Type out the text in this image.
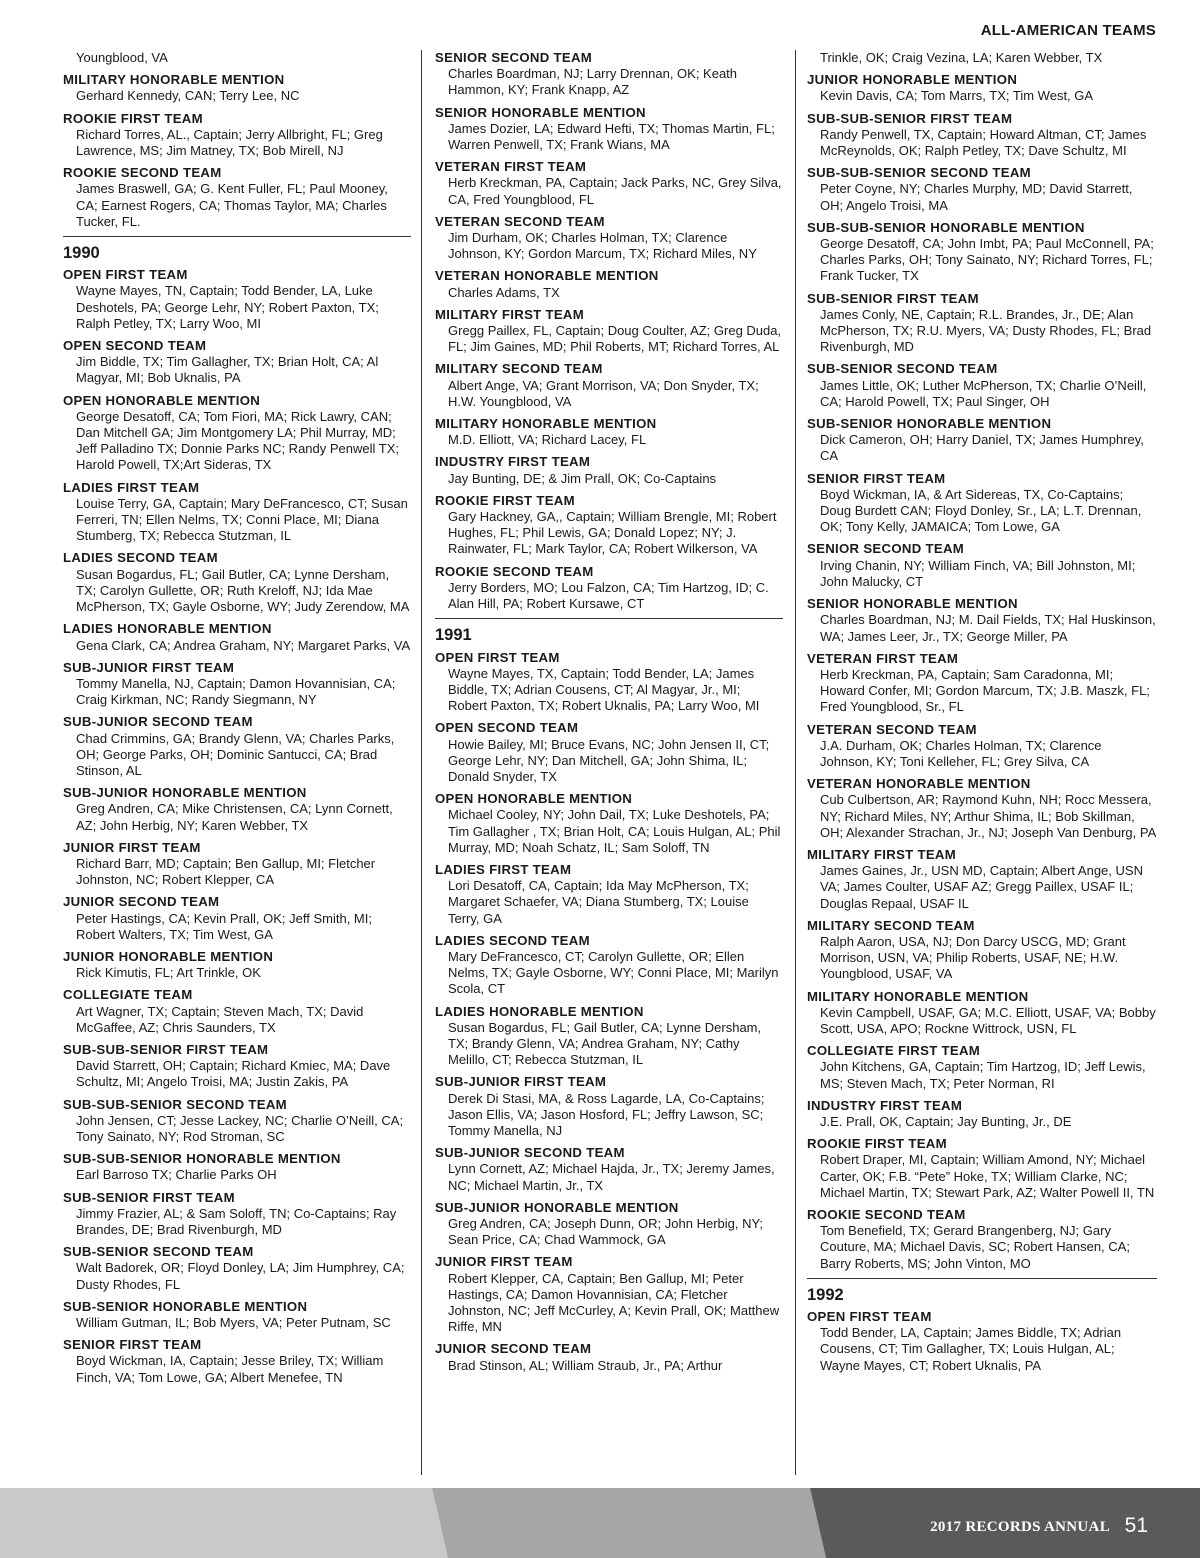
ALL-AMERICAN TEAMS
Youngblood, VA
MILITARY HONORABLE MENTION
Gerhard Kennedy, CAN; Terry Lee, NC
ROOKIE FIRST TEAM
Richard Torres, AL., Captain; Jerry Allbright, FL; Greg Lawrence, MS; Jim Matney, TX; Bob Mirell, NJ
ROOKIE SECOND TEAM
James Braswell, GA; G. Kent Fuller, FL; Paul Mooney, CA; Earnest Rogers, CA; Thomas Taylor, MA; Charles Tucker, FL.
1990
OPEN FIRST TEAM
Wayne Mayes, TN, Captain; Todd Bender, LA, Luke Deshotels, PA; George Lehr, NY; Robert Paxton, TX; Ralph Petley, TX; Larry Woo, MI
OPEN SECOND TEAM
Jim Biddle, TX; Tim Gallagher, TX; Brian Holt, CA; Al Magyar, MI; Bob Uknalis, PA
OPEN HONORABLE MENTION
George Desatoff, CA; Tom Fiori, MA; Rick Lawry, CAN; Dan Mitchell GA; Jim Montgomery LA; Phil Murray, MD; Jeff Palladino TX; Donnie Parks NC; Randy Penwell TX; Harold Powell, TX;Art Sideras, TX
LADIES FIRST TEAM
Louise Terry, GA, Captain; Mary DeFrancesco, CT; Susan Ferreri, TN; Ellen Nelms, TX; Conni Place, MI; Diana Stumberg, TX; Rebecca Stutzman, IL
LADIES SECOND TEAM
Susan Bogardus, FL; Gail Butler, CA; Lynne Dersham, TX; Carolyn Gullette, OR; Ruth Kreloff, NJ; Ida Mae McPherson, TX; Gayle Osborne, WY; Judy Zerendow, MA
LADIES HONORABLE MENTION
Gena Clark, CA; Andrea Graham, NY; Margaret Parks, VA
SUB-JUNIOR FIRST TEAM
Tommy Manella, NJ, Captain; Damon Hovannisian, CA; Craig Kirkman, NC; Randy Siegmann, NY
SUB-JUNIOR SECOND TEAM
Chad Crimmins, GA; Brandy Glenn, VA; Charles Parks, OH; George Parks, OH; Dominic Santucci, CA; Brad Stinson, AL
SUB-JUNIOR HONORABLE MENTION
Greg Andren, CA; Mike Christensen, CA; Lynn Cornett, AZ; John Herbig, NY; Karen Webber, TX
JUNIOR FIRST TEAM
Richard Barr, MD; Captain; Ben Gallup, MI; Fletcher Johnston, NC; Robert Klepper, CA
JUNIOR SECOND TEAM
Peter Hastings, CA; Kevin Prall, OK; Jeff Smith, MI; Robert Walters, TX; Tim West, GA
JUNIOR HONORABLE MENTION
Rick Kimutis, FL; Art Trinkle, OK
COLLEGIATE TEAM
Art Wagner, TX; Captain; Steven Mach, TX; David McGaffee, AZ; Chris Saunders, TX
SUB-SUB-SENIOR FIRST TEAM
David Starrett, OH; Captain; Richard Kmiec, MA; Dave Schultz, MI; Angelo Troisi, MA; Justin Zakis, PA
SUB-SUB-SENIOR SECOND TEAM
John Jensen, CT; Jesse Lackey, NC; Charlie O’Neill, CA; Tony Sainato, NY; Rod Stroman, SC
SUB-SUB-SENIOR HONORABLE MENTION
Earl Barroso TX; Charlie Parks OH
SUB-SENIOR FIRST TEAM
Jimmy Frazier, AL; & Sam Soloff, TN; Co-Captains; Ray Brandes, DE; Brad Rivenburgh, MD
SUB-SENIOR SECOND TEAM
Walt Badorek, OR; Floyd Donley, LA; Jim Humphrey, CA; Dusty Rhodes, FL
SUB-SENIOR HONORABLE MENTION
William Gutman, IL; Bob Myers, VA; Peter Putnam, SC
SENIOR FIRST TEAM
Boyd Wickman, IA, Captain; Jesse Briley, TX; William Finch, VA; Tom Lowe, GA; Albert Menefee, TN
SENIOR SECOND TEAM
Charles Boardman, NJ; Larry Drennan, OK; Keath Hammon, KY; Frank Knapp, AZ
SENIOR HONORABLE MENTION
James Dozier, LA; Edward Hefti, TX; Thomas Martin, FL; Warren Penwell, TX; Frank Wians, MA
VETERAN FIRST TEAM
Herb Kreckman, PA, Captain; Jack Parks, NC, Grey Silva, CA, Fred Youngblood, FL
VETERAN SECOND TEAM
Jim Durham, OK; Charles Holman, TX; Clarence Johnson, KY; Gordon Marcum, TX; Richard Miles, NY
VETERAN HONORABLE MENTION
Charles Adams, TX
MILITARY FIRST TEAM
Gregg Paillex, FL, Captain; Doug Coulter, AZ; Greg Duda, FL; Jim Gaines, MD; Phil Roberts, MT; Richard Torres, AL
MILITARY SECOND TEAM
Albert Ange, VA; Grant Morrison, VA; Don Snyder, TX; H.W. Youngblood, VA
MILITARY HONORABLE MENTION
M.D. Elliott, VA; Richard Lacey, FL
INDUSTRY FIRST TEAM
Jay Bunting, DE; & Jim Prall, OK; Co-Captains
ROOKIE FIRST TEAM
Gary Hackney, GA,, Captain; William Brengle, MI; Robert Hughes, FL; Phil Lewis, GA; Donald Lopez; NY; J. Rainwater, FL; Mark Taylor, CA; Robert Wilkerson, VA
ROOKIE SECOND TEAM
Jerry Borders, MO; Lou Falzon, CA; Tim Hartzog, ID; C. Alan Hill, PA; Robert Kursawe, CT
1991
OPEN FIRST TEAM
Wayne Mayes, TX, Captain; Todd Bender, LA; James Biddle, TX; Adrian Cousens, CT; Al Magyar, Jr., MI; Robert Paxton, TX; Robert Uknalis, PA; Larry Woo, MI
OPEN SECOND TEAM
Howie Bailey, MI; Bruce Evans, NC; John Jensen II, CT; George Lehr, NY; Dan Mitchell, GA; John Shima, IL; Donald Snyder, TX
OPEN HONORABLE MENTION
Michael Cooley, NY; John Dail, TX; Luke Deshotels, PA; Tim Gallagher , TX; Brian Holt, CA; Louis Hulgan, AL; Phil Murray, MD; Noah Schatz, IL; Sam Soloff, TN
LADIES FIRST TEAM
Lori Desatoff, CA, Captain; Ida May McPherson, TX; Margaret Schaefer, VA; Diana Stumberg, TX; Louise Terry, GA
LADIES SECOND TEAM
Mary DeFrancesco, CT; Carolyn Gullette, OR; Ellen Nelms, TX; Gayle Osborne, WY; Conni Place, MI; Marilyn Scola, CT
LADIES HONORABLE MENTION
Susan Bogardus, FL; Gail Butler, CA; Lynne Dersham, TX; Brandy Glenn, VA; Andrea Graham, NY; Cathy Melillo, CT; Rebecca Stutzman, IL
SUB-JUNIOR FIRST TEAM
Derek Di Stasi, MA, & Ross Lagarde, LA, Co-Captains; Jason Ellis, VA; Jason Hosford, FL; Jeffry Lawson, SC; Tommy Manella, NJ
SUB-JUNIOR SECOND TEAM
Lynn Cornett, AZ; Michael Hajda, Jr., TX; Jeremy James, NC; Michael Martin, Jr., TX
SUB-JUNIOR HONORABLE MENTION
Greg Andren, CA; Joseph Dunn, OR; John Herbig, NY; Sean Price, CA; Chad Wammock, GA
JUNIOR FIRST TEAM
Robert Klepper, CA, Captain; Ben Gallup, MI; Peter Hastings, CA; Damon Hovannisian, CA; Fletcher Johnston, NC; Jeff McCurley, A; Kevin Prall, OK; Matthew Riffe, MN
JUNIOR SECOND TEAM
Brad Stinson, AL; William Straub, Jr., PA; Arthur
Trinkle, OK; Craig Vezina, LA; Karen Webber, TX
JUNIOR HONORABLE MENTION
Kevin Davis, CA; Tom Marrs, TX; Tim West, GA
SUB-SUB-SENIOR FIRST TEAM
Randy Penwell, TX, Captain; Howard Altman, CT; James McReynolds, OK; Ralph Petley, TX; Dave Schultz, MI
SUB-SUB-SENIOR SECOND TEAM
Peter Coyne, NY; Charles Murphy, MD; David Starrett, OH; Angelo Troisi, MA
SUB-SUB-SENIOR HONORABLE MENTION
George Desatoff, CA; John Imbt, PA; Paul McConnell, PA; Charles Parks, OH; Tony Sainato, NY; Richard Torres, FL; Frank Tucker, TX
SUB-SENIOR FIRST TEAM
James Conly, NE, Captain; R.L. Brandes, Jr., DE; Alan McPherson, TX; R.U. Myers, VA; Dusty Rhodes, FL; Brad Rivenburgh, MD
SUB-SENIOR SECOND TEAM
James Little, OK; Luther McPherson, TX; Charlie O’Neill, CA; Harold Powell, TX; Paul Singer, OH
SUB-SENIOR HONORABLE MENTION
Dick Cameron, OH; Harry Daniel, TX; James Humphrey, CA
SENIOR FIRST TEAM
Boyd Wickman, IA, & Art Sidereas, TX, Co-Captains; Doug Burdett CAN; Floyd Donley, Sr., LA; L.T. Drennan, OK; Tony Kelly, JAMAICA; Tom Lowe, GA
SENIOR SECOND TEAM
Irving Chanin, NY; William Finch, VA; Bill Johnston, MI; John Malucky, CT
SENIOR HONORABLE MENTION
Charles Boardman, NJ; M. Dail Fields, TX; Hal Huskinson, WA; James Leer, Jr., TX; George Miller, PA
VETERAN FIRST TEAM
Herb Kreckman, PA, Captain; Sam Caradonna, MI; Howard Confer, MI; Gordon Marcum, TX; J.B. Maszk, FL; Fred Youngblood, Sr., FL
VETERAN SECOND TEAM
J.A. Durham, OK; Charles Holman, TX; Clarence Johnson, KY; Toni Kelleher, FL; Grey Silva, CA
VETERAN HONORABLE MENTION
Cub Culbertson, AR; Raymond Kuhn, NH; Rocc Messera, NY; Richard Miles, NY; Arthur Shima, IL; Bob Skillman, OH; Alexander Strachan, Jr., NJ; Joseph Van Denburg, PA
MILITARY FIRST TEAM
James Gaines, Jr., USN MD, Captain; Albert Ange, USN VA; James Coulter, USAF AZ; Gregg Paillex, USAF IL; Douglas Repaal, USAF IL
MILITARY SECOND TEAM
Ralph Aaron, USA, NJ; Don Darcy USCG, MD; Grant Morrison, USN, VA; Philip Roberts, USAF, NE; H.W. Youngblood, USAF, VA
MILITARY HONORABLE MENTION
Kevin Campbell, USAF, GA; M.C. Elliott, USAF, VA; Bobby Scott, USA, APO; Rockne Wittrock, USN, FL
COLLEGIATE FIRST TEAM
John Kitchens, GA, Captain; Tim Hartzog, ID; Jeff Lewis, MS; Steven Mach, TX; Peter Norman, RI
INDUSTRY FIRST TEAM
J.E. Prall, OK, Captain; Jay Bunting, Jr., DE
ROOKIE FIRST TEAM
Robert Draper, MI, Captain; William Amond, NY; Michael Carter, OK; F.B. “Pete” Hoke, TX; William Clarke, NC; Michael Martin, TX; Stewart Park, AZ; Walter Powell II, TN
ROOKIE SECOND TEAM
Tom Benefield, TX; Gerard Brangenberg, NJ; Gary Couture, MA; Michael Davis, SC; Robert Hansen, CA; Barry Roberts, MS; John Vinton, MO
1992
OPEN FIRST TEAM
Todd Bender, LA, Captain; James Biddle, TX; Adrian Cousens, CT; Tim Gallagher, TX; Louis Hulgan, AL; Wayne Mayes, CT; Robert Uknalis, PA
2017 RECORDS ANNUAL 51
